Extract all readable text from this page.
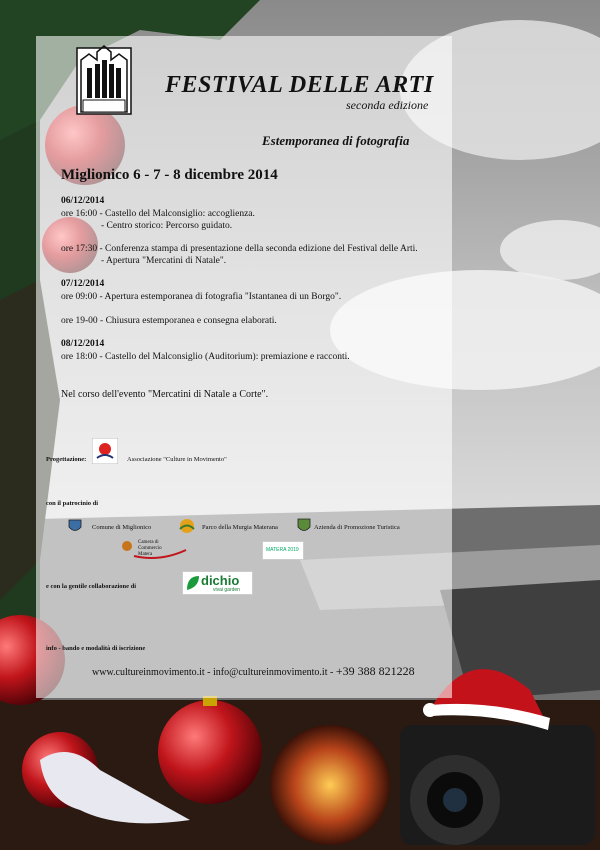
FESTIVAL DELLE ARTI
seconda edizione
Estemporanea di fotografia
Miglionico 6 - 7 - 8 dicembre 2014
06/12/2014
ore 16:00 - Castello del Malconsiglio: accoglienza.
- Centro storico: Percorso guidato.
ore 17:30 - Conferenza stampa di presentazione della seconda edizione del Festival delle Arti.
- Apertura "Mercatini di Natale".
07/12/2014
ore 09:00 - Apertura estemporanea di fotografia "Istantanea di un Borgo".
ore 19-00 - Chiusura estemporanea e consegna elaborati.
08/12/2014
ore 18:00 - Castello del Malconsiglio (Auditorium): premiazione e racconti.
Nel corso dell'evento "Mercatini di Natale a Corte".
Progettazione:	Associazione "Culture in Movimento"
con il patrocinio di
Comune di Miglionico	Parco della Murgia Materana	Azienda di Promozione Turistica
Camera di Commercio Matera
MATERA 2019
e con la gentile collaborazione di	dichio
vivai garden
info - bando e modalità di iscrizione
www.cultureinmovimento.it - info@cultureinmovimento.it - +39 388 821228
